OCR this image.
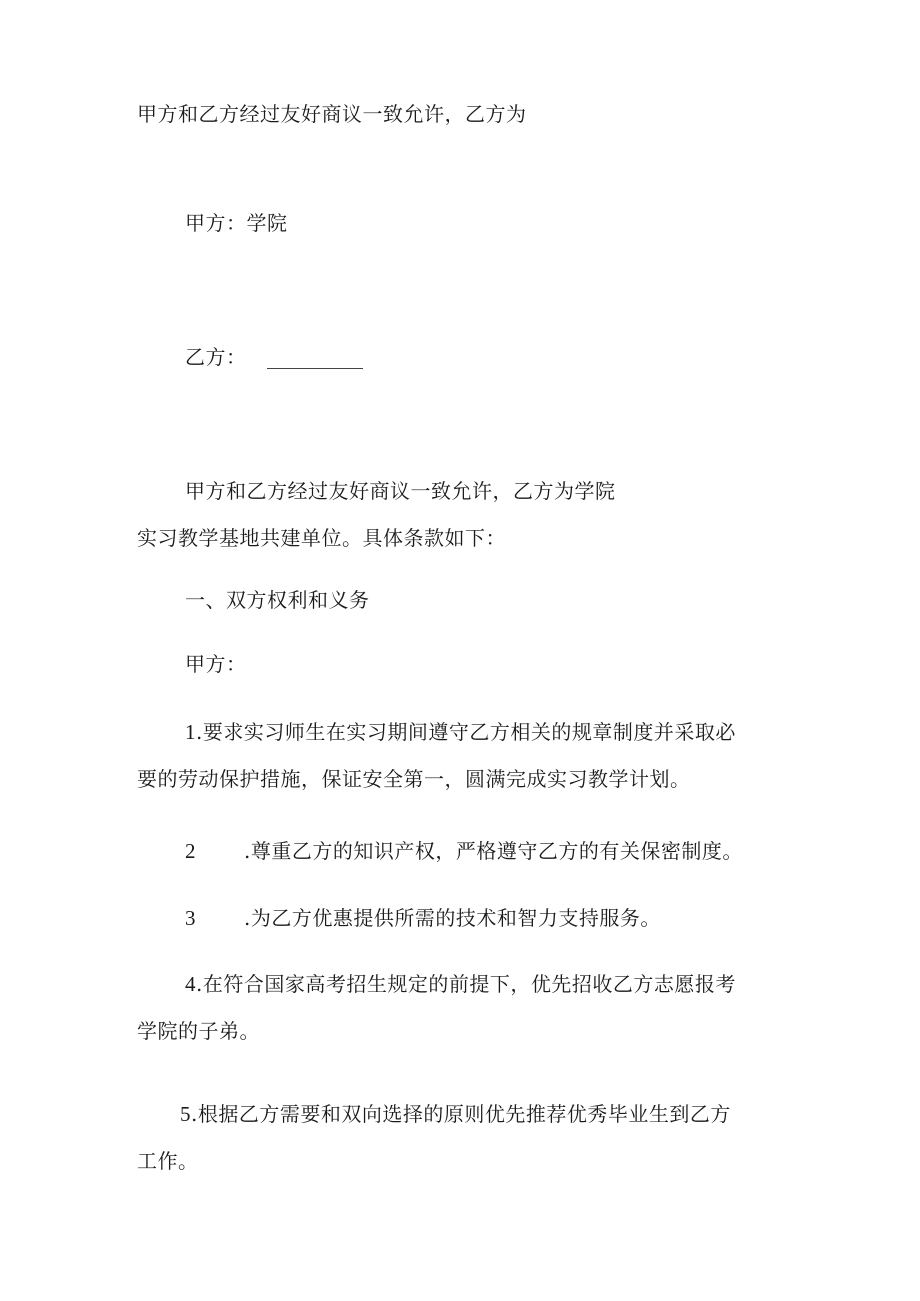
甲方和乙方经过友好商议一致允许，乙方为
甲方：学院
乙方：
甲方和乙方经过友好商议一致允许，乙方为学院
实习教学基地共建单位。具体条款如下：
一、双方权利和义务
甲方：
1.要求实习师生在实习期间遵守乙方相关的规章制度并采取必
要的劳动保护措施，保证安全第一，圆满完成实习教学计划。
2 .尊重乙方的知识产权，严格遵守乙方的有关保密制度。
3 .为乙方优惠提供所需的技术和智力支持服务。
4.在符合国家高考招生规定的前提下，优先招收乙方志愿报考
学院的子弟。
5.根据乙方需要和双向选择的原则优先推荐优秀毕业生到乙方
工作。
